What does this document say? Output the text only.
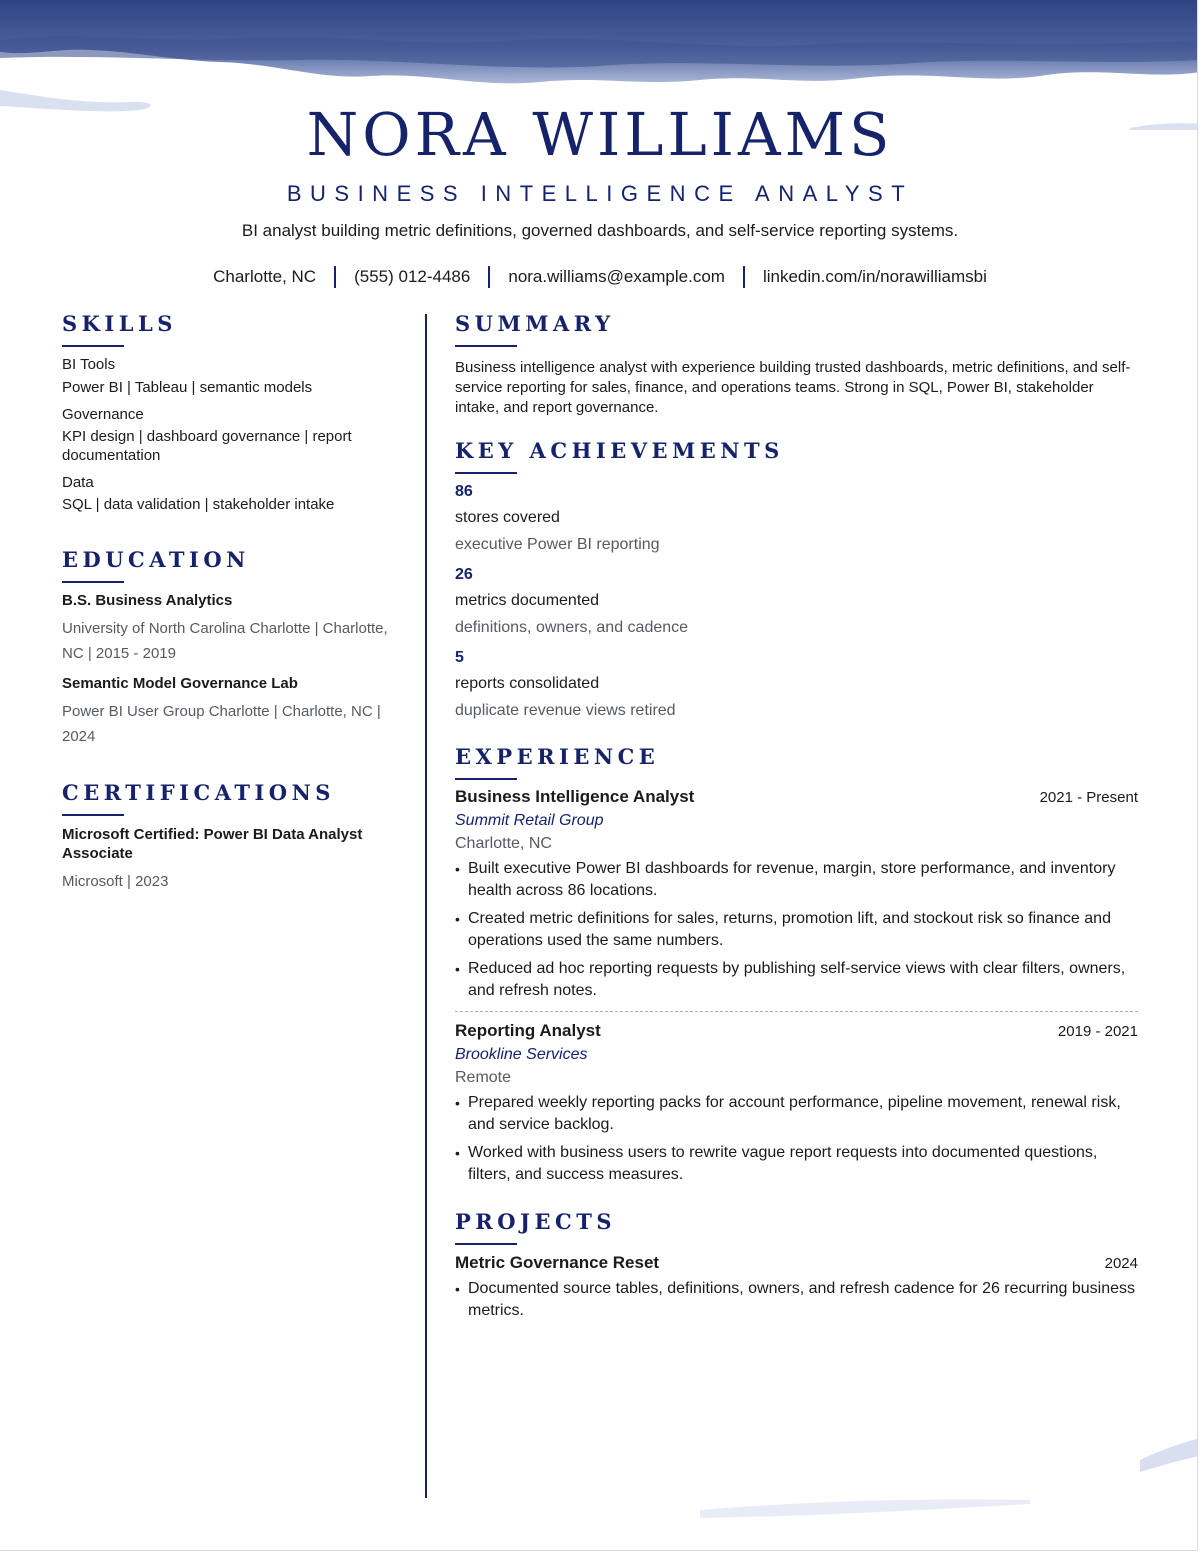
NORA WILLIAMS
BUSINESS INTELLIGENCE ANALYST
BI analyst building metric definitions, governed dashboards, and self-service reporting systems.
Charlotte, NC (555) 012-4486 nora.williams@example.com linkedin.com/in/norawilliamsbi
SKILLS
BI Tools
Power BI | Tableau | semantic models
Governance
KPI design | dashboard governance | report documentation
Data
SQL | data validation | stakeholder intake
EDUCATION
B.S. Business Analytics
University of North Carolina Charlotte | Charlotte, NC | 2015 - 2019
Semantic Model Governance Lab
Power BI User Group Charlotte | Charlotte, NC | 2024
CERTIFICATIONS
Microsoft Certified: Power BI Data Analyst Associate
Microsoft | 2023
SUMMARY
Business intelligence analyst with experience building trusted dashboards, metric definitions, and self-service reporting for sales, finance, and operations teams. Strong in SQL, Power BI, stakeholder intake, and report governance.
KEY ACHIEVEMENTS
86
stores covered
executive Power BI reporting
26
metrics documented
definitions, owners, and cadence
5
reports consolidated
duplicate revenue views retired
EXPERIENCE
Business Intelligence Analyst	2021 - Present
Summit Retail Group
Charlotte, NC
• Built executive Power BI dashboards for revenue, margin, store performance, and inventory health across 86 locations.
• Created metric definitions for sales, returns, promotion lift, and stockout risk so finance and operations used the same numbers.
• Reduced ad hoc reporting requests by publishing self-service views with clear filters, owners, and refresh notes.
Reporting Analyst	2019 - 2021
Brookline Services
Remote
• Prepared weekly reporting packs for account performance, pipeline movement, renewal risk, and service backlog.
• Worked with business users to rewrite vague report requests into documented questions, filters, and success measures.
PROJECTS
Metric Governance Reset	2024
• Documented source tables, definitions, owners, and refresh cadence for 26 recurring business metrics.
